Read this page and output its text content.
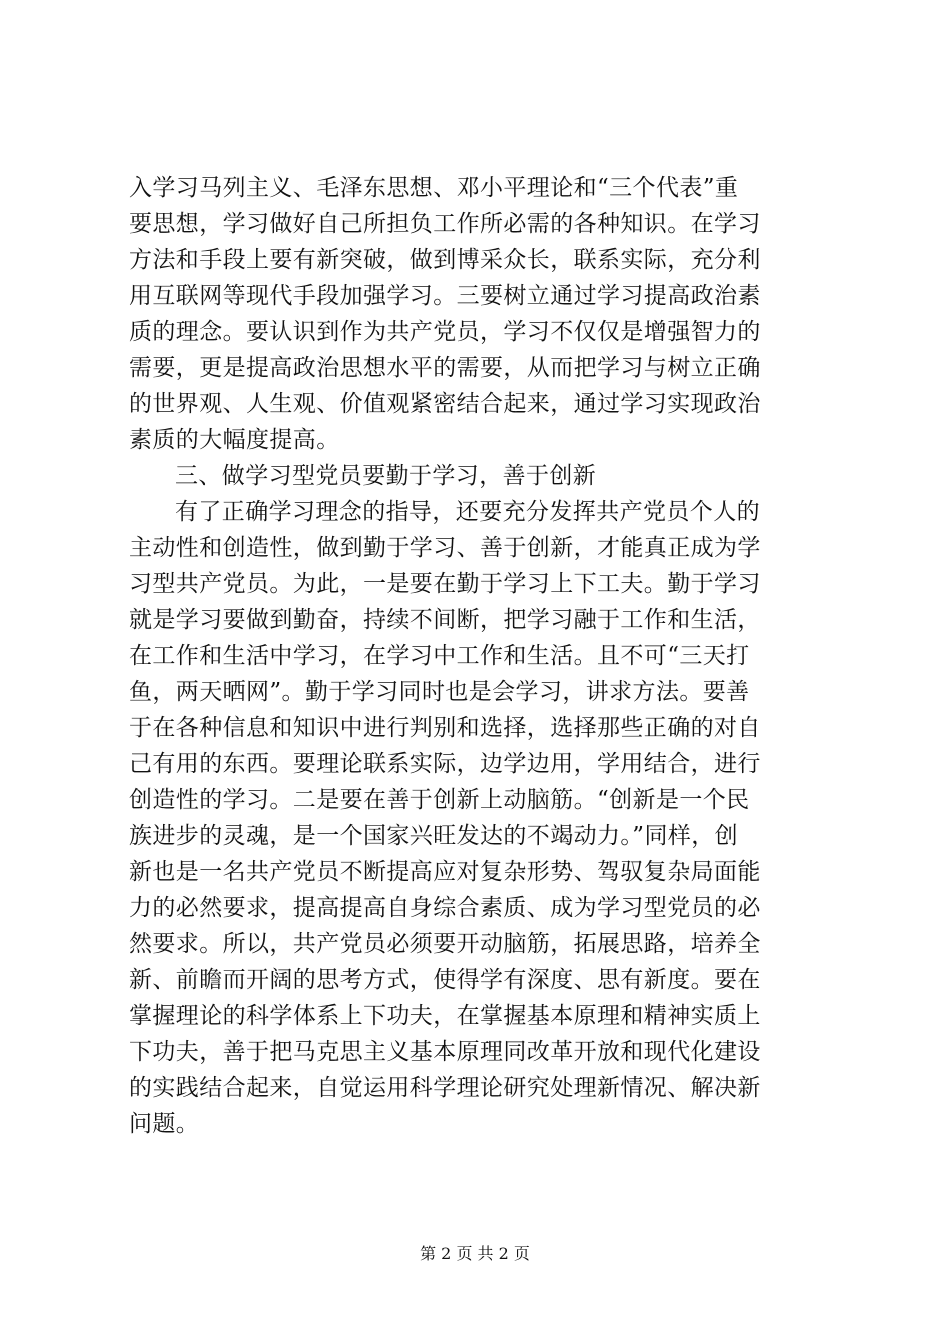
入学习马列主义、毛泽东思想、邓小平理论和“三个代表”重
要思想，学习做好自己所担负工作所必需的各种知识。在学习
方法和手段上要有新突破，做到博采众长，联系实际，充分利
用互联网等现代手段加强学习。三要树立通过学习提高政治素
质的理念。要认识到作为共产党员，学习不仅仅是增强智力的
需要，更是提高政治思想水平的需要，从而把学习与树立正确
的世界观、人生观、价值观紧密结合起来，通过学习实现政治
素质的大幅度提高。
三、做学习型党员要勤于学习，善于创新
有了正确学习理念的指导，还要充分发挥共产党员个人的
主动性和创造性，做到勤于学习、善于创新，才能真正成为学
习型共产党员。为此，一是要在勤于学习上下工夫。勤于学习
就是学习要做到勤奋，持续不间断，把学习融于工作和生活，
在工作和生活中学习，在学习中工作和生活。且不可“三天打
鱼，两天晒网”。勤于学习同时也是会学习，讲求方法。要善
于在各种信息和知识中进行判别和选择，选择那些正确的对自
己有用的东西。要理论联系实际，边学边用，学用结合，进行
创造性的学习。二是要在善于创新上动脑筋。“创新是一个民
族进步的灵魂，是一个国家兴旺发达的不竭动力。”同样，创
新也是一名共产党员不断提高应对复杂形势、驾驭复杂局面能
力的必然要求，提高提高自身综合素质、成为学习型党员的必
然要求。所以，共产党员必须要开动脑筋，拓展思路，培养全
新、前瞻而开阔的思考方式，使得学有深度、思有新度。要在
掌握理论的科学体系上下功夫，在掌握基本原理和精神实质上
下功夫，善于把马克思主义基本原理同改革开放和现代化建设
的实践结合起来，自觉运用科学理论研究处理新情况、解决新
问题。
第 2 页 共 2 页
